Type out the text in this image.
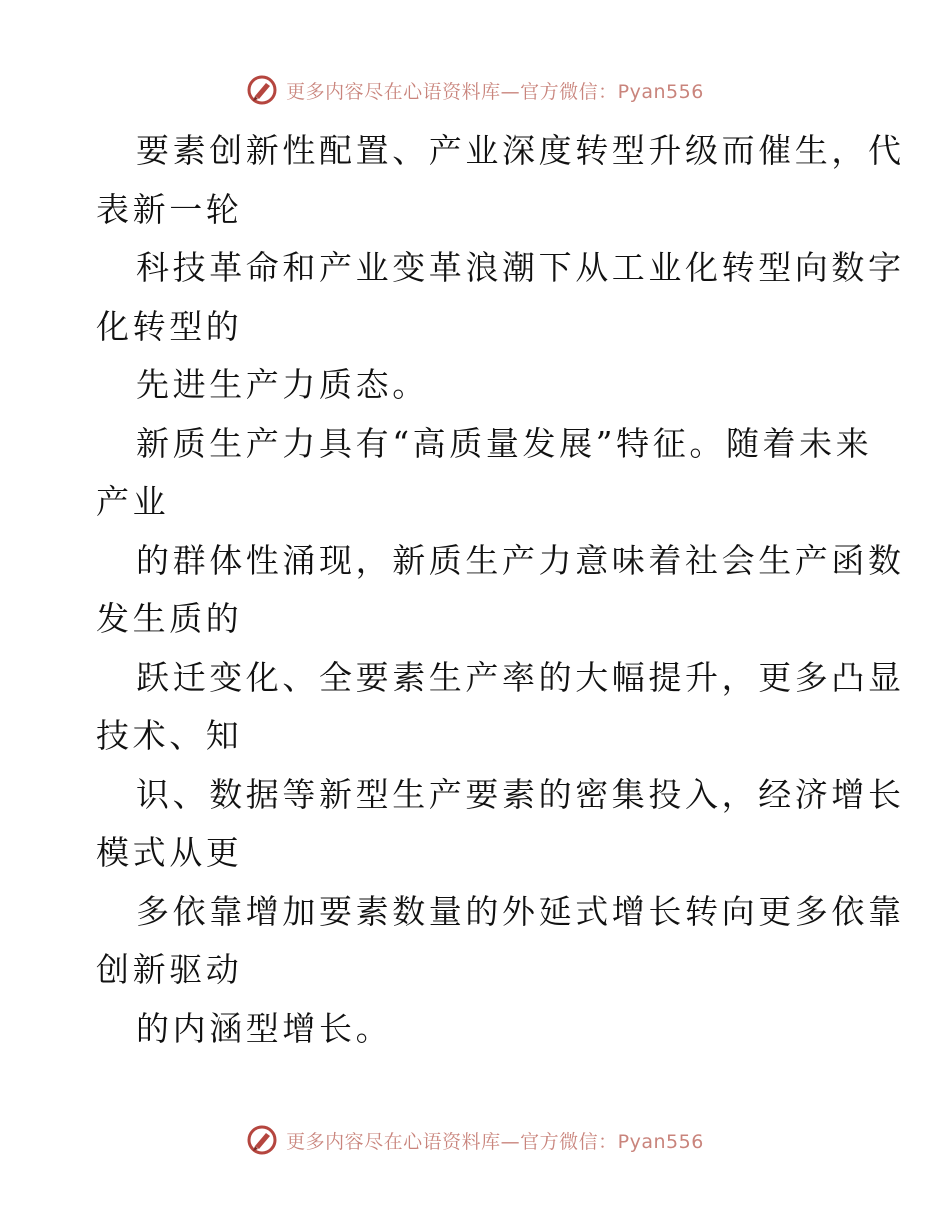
更多内容尽在心语资料库—官方微信：Pyan556
要素创新性配置、产业深度转型升级而催生，代
表新一轮
科技革命和产业变革浪潮下从工业化转型向数字
化转型的
先进生产力质态。
新质生产力具有“高质量发展”特征。随着未来
产业
的群体性涌现，新质生产力意味着社会生产函数
发生质的
跃迁变化、全要素生产率的大幅提升，更多凸显
技术、知
识、数据等新型生产要素的密集投入，经济增长
模式从更
多依靠增加要素数量的外延式增长转向更多依靠
创新驱动
的内涵型增长。
更多内容尽在心语资料库—官方微信：Pyan556
